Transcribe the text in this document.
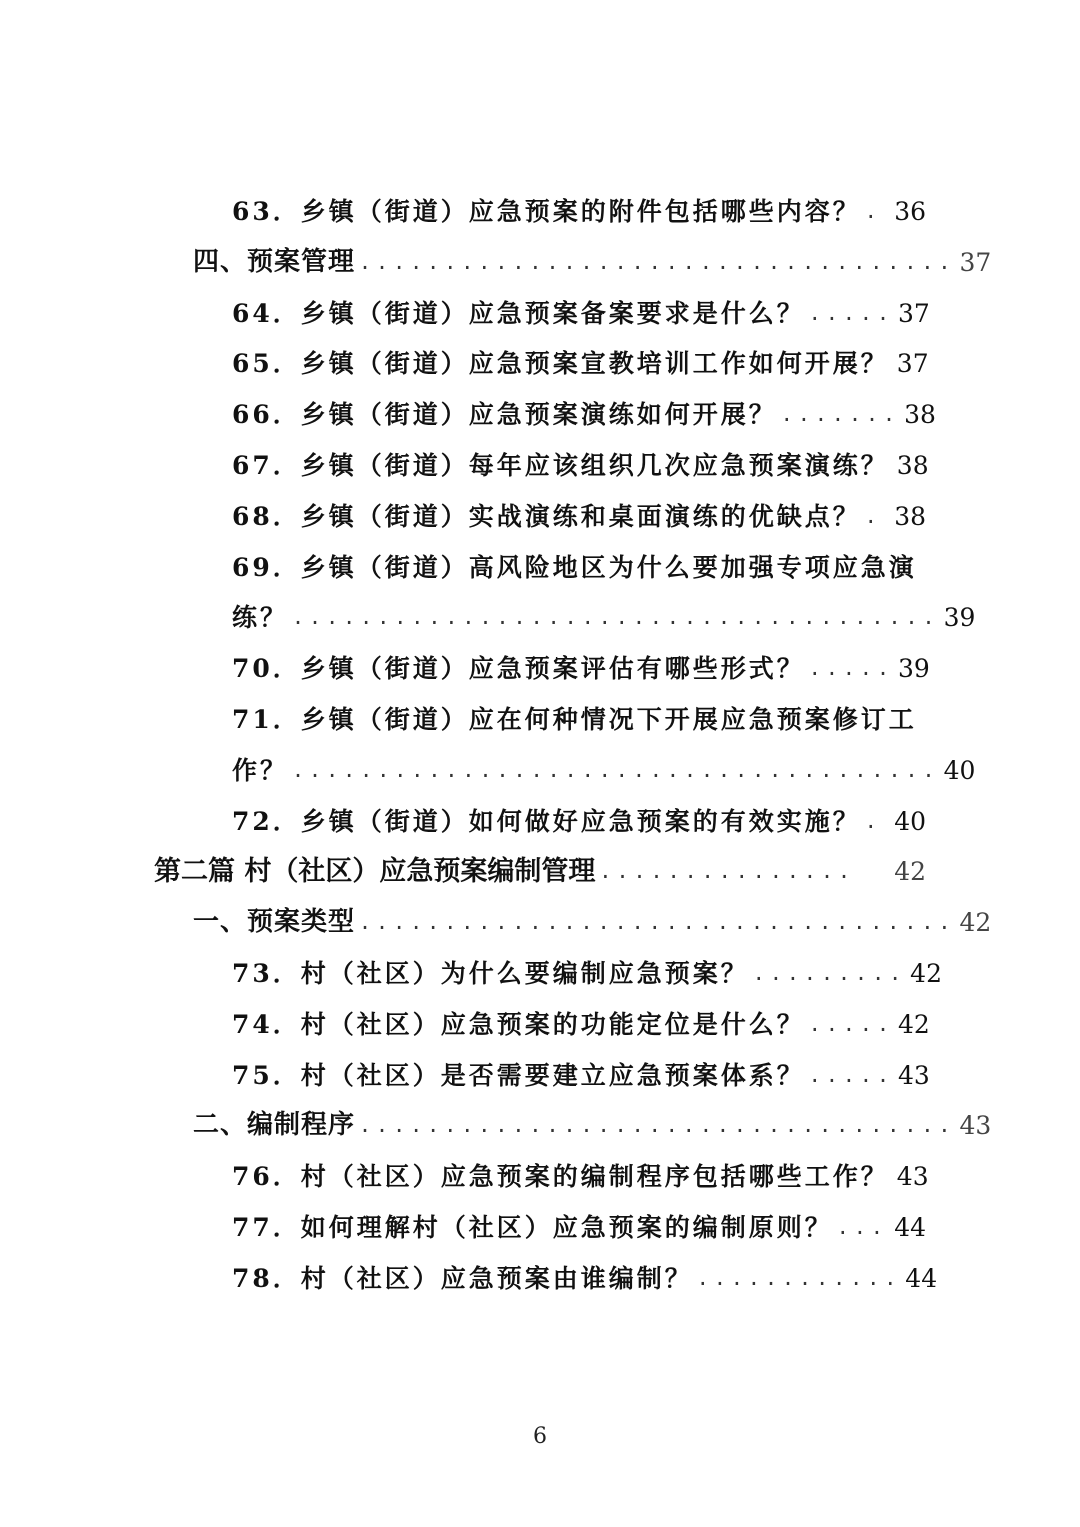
63．乡镇（街道）应急预案的附件包括哪些内容？ . 36
四、预案管理 ................................... 37
64．乡镇（街道）应急预案备案要求是什么？ ..... 37
65．乡镇（街道）应急预案宣教培训工作如何开展？ 37
66．乡镇（街道）应急预案演练如何开展？ ....... 38
67．乡镇（街道）每年应该组织几次应急预案演练？ 38
68．乡镇（街道）实战演练和桌面演练的优缺点？ . 38
69．乡镇（街道）高风险地区为什么要加强专项应急演
练？ ...................................... 39
70．乡镇（街道）应急预案评估有哪些形式？ ..... 39
71．乡镇（街道）应在何种情况下开展应急预案修订工
作？ ...................................... 40
72．乡镇（街道）如何做好应急预案的有效实施？ . 40
第二篇 村（社区）应急预案编制管理 ...............	42
一、预案类型 ................................... 42
73．村（社区）为什么要编制应急预案？ ......... 42
74．村（社区）应急预案的功能定位是什么？ ..... 42
75．村（社区）是否需要建立应急预案体系？ ..... 43
二、编制程序 ................................... 43
76．村（社区）应急预案的编制程序包括哪些工作？ 43
77．如何理解村（社区）应急预案的编制原则？ ... 44
78．村（社区）应急预案由谁编制？ ............ 44
6
